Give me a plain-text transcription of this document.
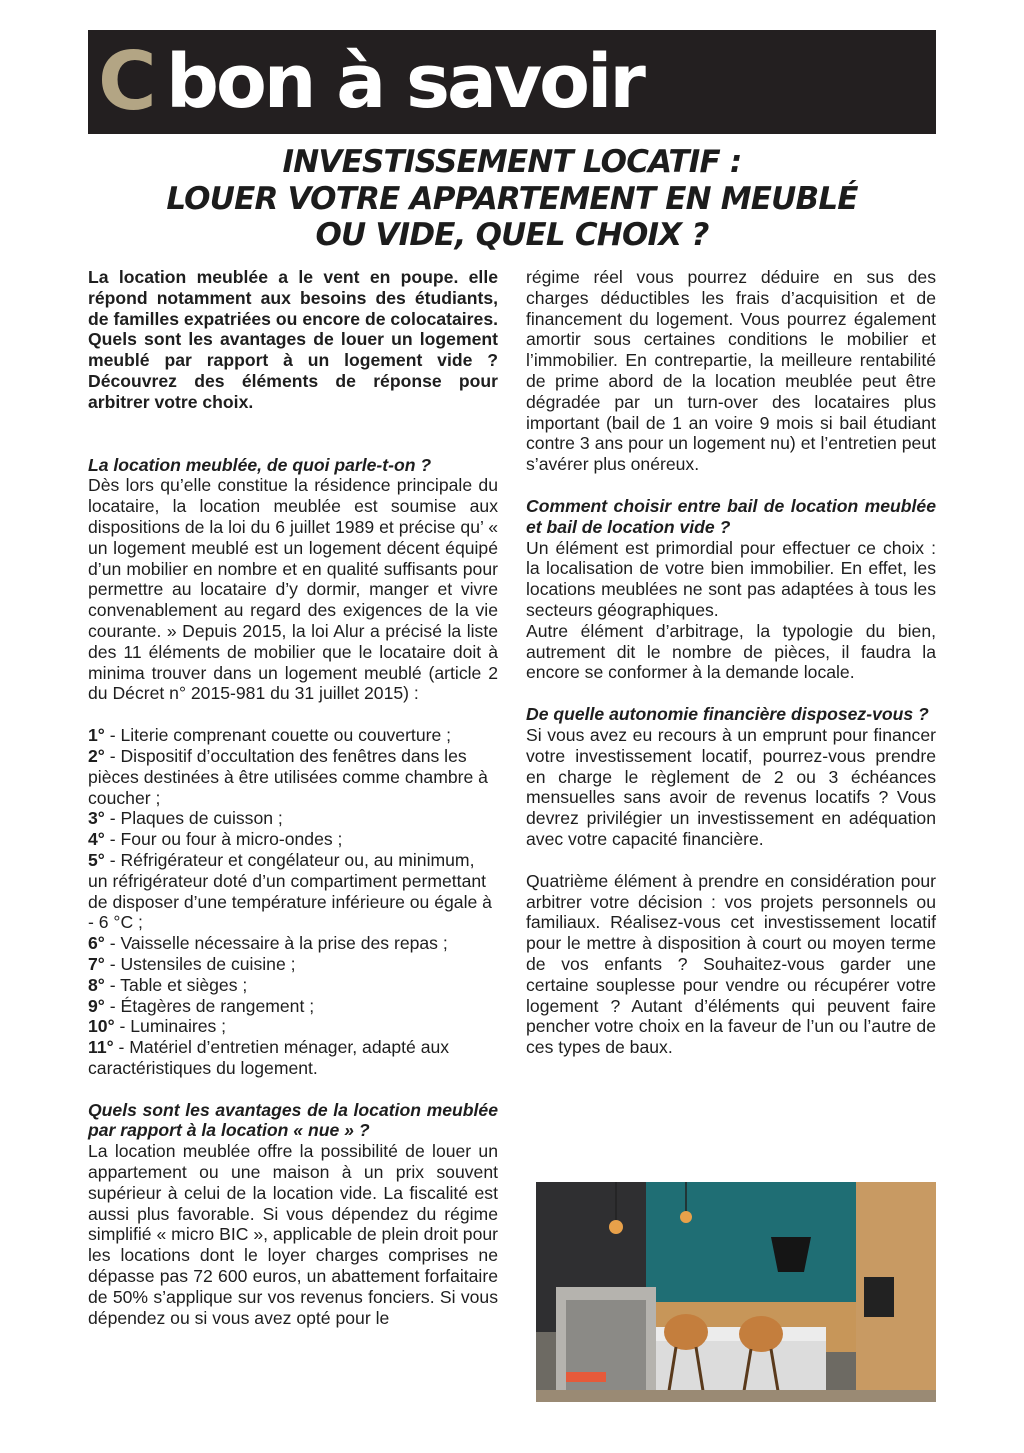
C bon à savoir
INVESTISSEMENT LOCATIF :
LOUER VOTRE APPARTEMENT EN MEUBLÉ
OU VIDE, QUEL CHOIX ?

La location meublée a le vent en poupe. elle répond notamment aux besoins des étudiants, de familles expatriées ou encore de colocataires. Quels sont les avantages de louer un logement meublé par rapport à un logement vide ? Découvrez des éléments de réponse pour arbitrer votre choix.

La location meublée, de quoi parle-t-on ?

Dès lors qu’elle constitue la résidence principale du locataire, la location meublée est soumise aux dispositions de la loi du 6 juillet 1989 et précise qu’ « un logement meublé est un logement décent équipé d’un mobilier en nombre et en qualité suffisants pour permettre au locataire d’y dormir, manger et vivre convenablement au regard des exigences de la vie courante. » Depuis 2015, la loi Alur a précisé la liste des 11 éléments de mobilier que le locataire doit à minima trouver dans un logement meublé (article 2 du Décret n° 2015-981 du 31 juillet 2015) :

1° - Literie comprenant couette ou couverture ;
2° - Dispositif d’occultation des fenêtres dans les pièces destinées à être utilisées comme chambre à coucher ;
3° - Plaques de cuisson ;
4° - Four ou four à micro-ondes ;
5° - Réfrigérateur et congélateur ou, au minimum, un réfrigérateur doté d’un compartiment permettant de disposer d’une température inférieure ou égale à - 6 °C ;
6° - Vaisselle nécessaire à la prise des repas ;
7° - Ustensiles de cuisine ;
8° - Table et sièges ;
9° - Étagères de rangement ;
10° - Luminaires ;
11° - Matériel d’entretien ménager, adapté aux caractéristiques du logement.

Quels sont les avantages de la location meublée par rapport à la location « nue » ?

La location meublée offre la possibilité de louer un appartement ou une maison à un prix souvent supérieur à celui de la location vide. La fiscalité est aussi plus favorable. Si vous dépendez du régime simplifié « micro BIC », applicable de plein droit pour les locations dont le loyer charges comprises ne dépasse pas 72 600 euros, un abattement forfaitaire de 50% s’applique sur vos revenus fonciers. Si vous dépendez ou si vous avez opté pour le

régime réel vous pourrez déduire en sus des charges déductibles les frais d’acquisition et de financement du logement. Vous pourrez également amortir sous certaines conditions le mobilier et l’immobilier. En contrepartie, la meilleure rentabilité de prime abord de la location meublée peut être dégradée par un turn-over des locataires plus important (bail de 1 an voire 9 mois si bail étudiant contre 3 ans pour un logement nu) et l’entretien peut s’avérer plus onéreux.

Comment choisir entre bail de location meublée et bail de location vide ?

Un élément est primordial pour effectuer ce choix : la localisation de votre bien immobilier. En effet, les locations meublées ne sont pas adaptées à tous les secteurs géographiques.

Autre élément d’arbitrage, la typologie du bien, autrement dit le nombre de pièces, il faudra la encore se conformer à la demande locale.

De quelle autonomie financière disposez-vous ?

Si vous avez eu recours à un emprunt pour financer votre investissement locatif, pourrez-vous prendre en charge le règlement de 2 ou 3 échéances mensuelles sans avoir de revenus locatifs ? Vous devrez privilégier un investissement en adéquation avec votre capacité financière.

Quatrième élément à prendre en considération pour arbitrer votre décision : vos projets personnels ou familiaux. Réalisez-vous cet investissement locatif pour le mettre à disposition à court ou moyen terme de vos enfants ? Souhaitez-vous garder une certaine souplesse pour vendre ou récupérer votre logement ? Autant d’éléments qui peuvent faire pencher votre choix en la faveur de l’un ou l’autre de ces types de baux.
